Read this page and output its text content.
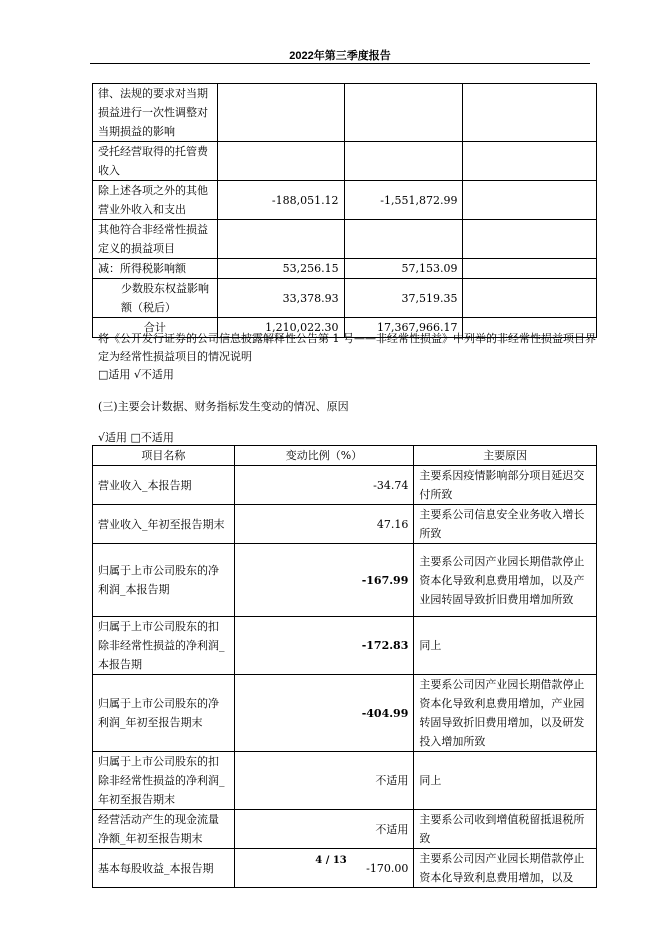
2022年第三季度报告
律、法规的要求对当期损益进行一次性调整对当期损益的影响			
受托经营取得的托管费收入			
除上述各项之外的其他营业外收入和支出	-188,051.12	-1,551,872.99	
其他符合非经常性损益定义的损益项目			
减：所得税影响额	53,256.15	57,153.09	
少数股东权益影响额（税后）	33,378.93	37,519.35	
合计	1,210,022.30	17,367,966.17	
将《公开发行证券的公司信息披露解释性公告第 1 号——非经常性损益》中列举的非经常性损益项目界定为经常性损益项目的情况说明
□适用 √不适用
(三)主要会计数据、财务指标发生变动的情况、原因
√适用 □不适用
项目名称	变动比例（%）	主要原因
营业收入_本报告期	-34.74	主要系因疫情影响部分项目延迟交付所致
营业收入_年初至报告期末	47.16	主要系公司信息安全业务收入增长所致
归属于上市公司股东的净利润_本报告期	-167.99	主要系公司因产业园长期借款停止资本化导致利息费用增加，以及产业园转固导致折旧费用增加所致
归属于上市公司股东的扣除非经常性损益的净利润_本报告期	-172.83	同上
归属于上市公司股东的净利润_年初至报告期末	-404.99	主要系公司因产业园长期借款停止资本化导致利息费用增加，产业园转固导致折旧费用增加，以及研发投入增加所致
归属于上市公司股东的扣除非经常性损益的净利润_年初至报告期末	不适用	同上
经营活动产生的现金流量净额_年初至报告期末	不适用	主要系公司收到增值税留抵退税所致
基本每股收益_本报告期	-170.00	主要系公司因产业园长期借款停止资本化导致利息费用增加，以及
4 / 13
